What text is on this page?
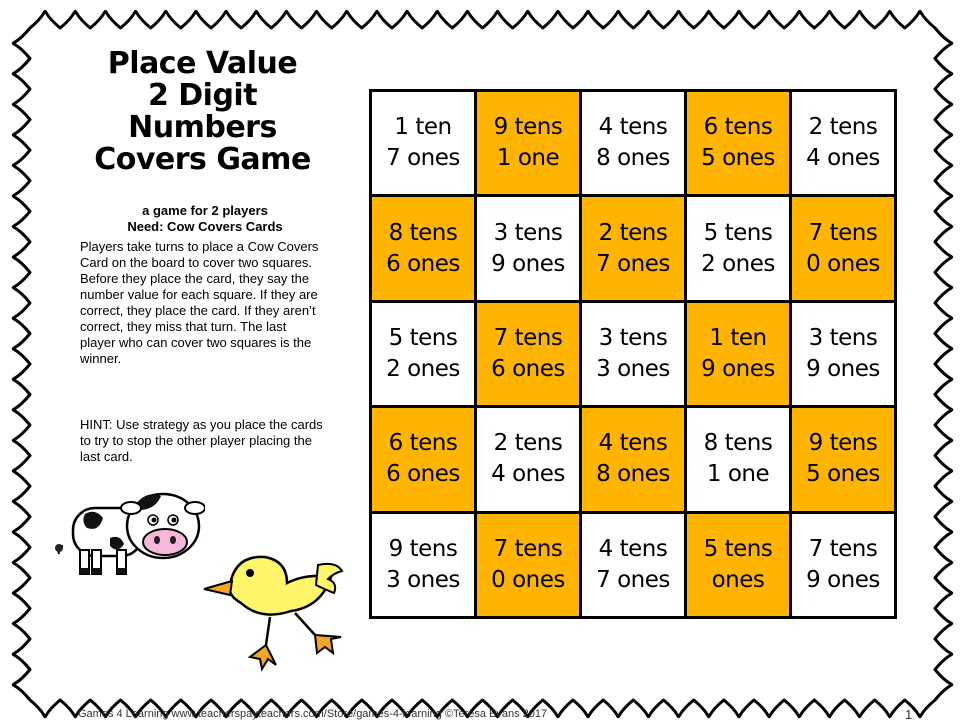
Place Value
2 Digit
Numbers
Covers Game
a game for 2 players
Need: Cow Covers Cards
Players take turns to place a Cow Covers Card on the board to cover two squares. Before they place the card, they say the number value for each square. If they are correct, they place the card. If they aren’t correct, they miss that turn. The last player who can cover two squares is the winner.
HINT: Use strategy as you place the cards to try to stop the other player placing the last card.
1 ten
7 ones
9 tens
1 one
4 tens
8 ones
6 tens
5 ones
2 tens
4 ones
8 tens
6 ones
3 tens
9 ones
2 tens
7 ones
5 tens
2 ones
7 tens
0 ones
5 tens
2 ones
7 tens
6 ones
3 tens
3 ones
1 ten
9 ones
3 tens
9 ones
6 tens
6 ones
2 tens
4 ones
4 tens
8 ones
8 tens
1 one
9 tens
5 ones
9 tens
3 ones
7 tens
0 ones
4 tens
7 ones
5 tens
ones
7 tens
9 ones
Games 4 Learning www.teacherspayteachers.com/Store/games-4-learning ©Teresa Evans 2017	1
